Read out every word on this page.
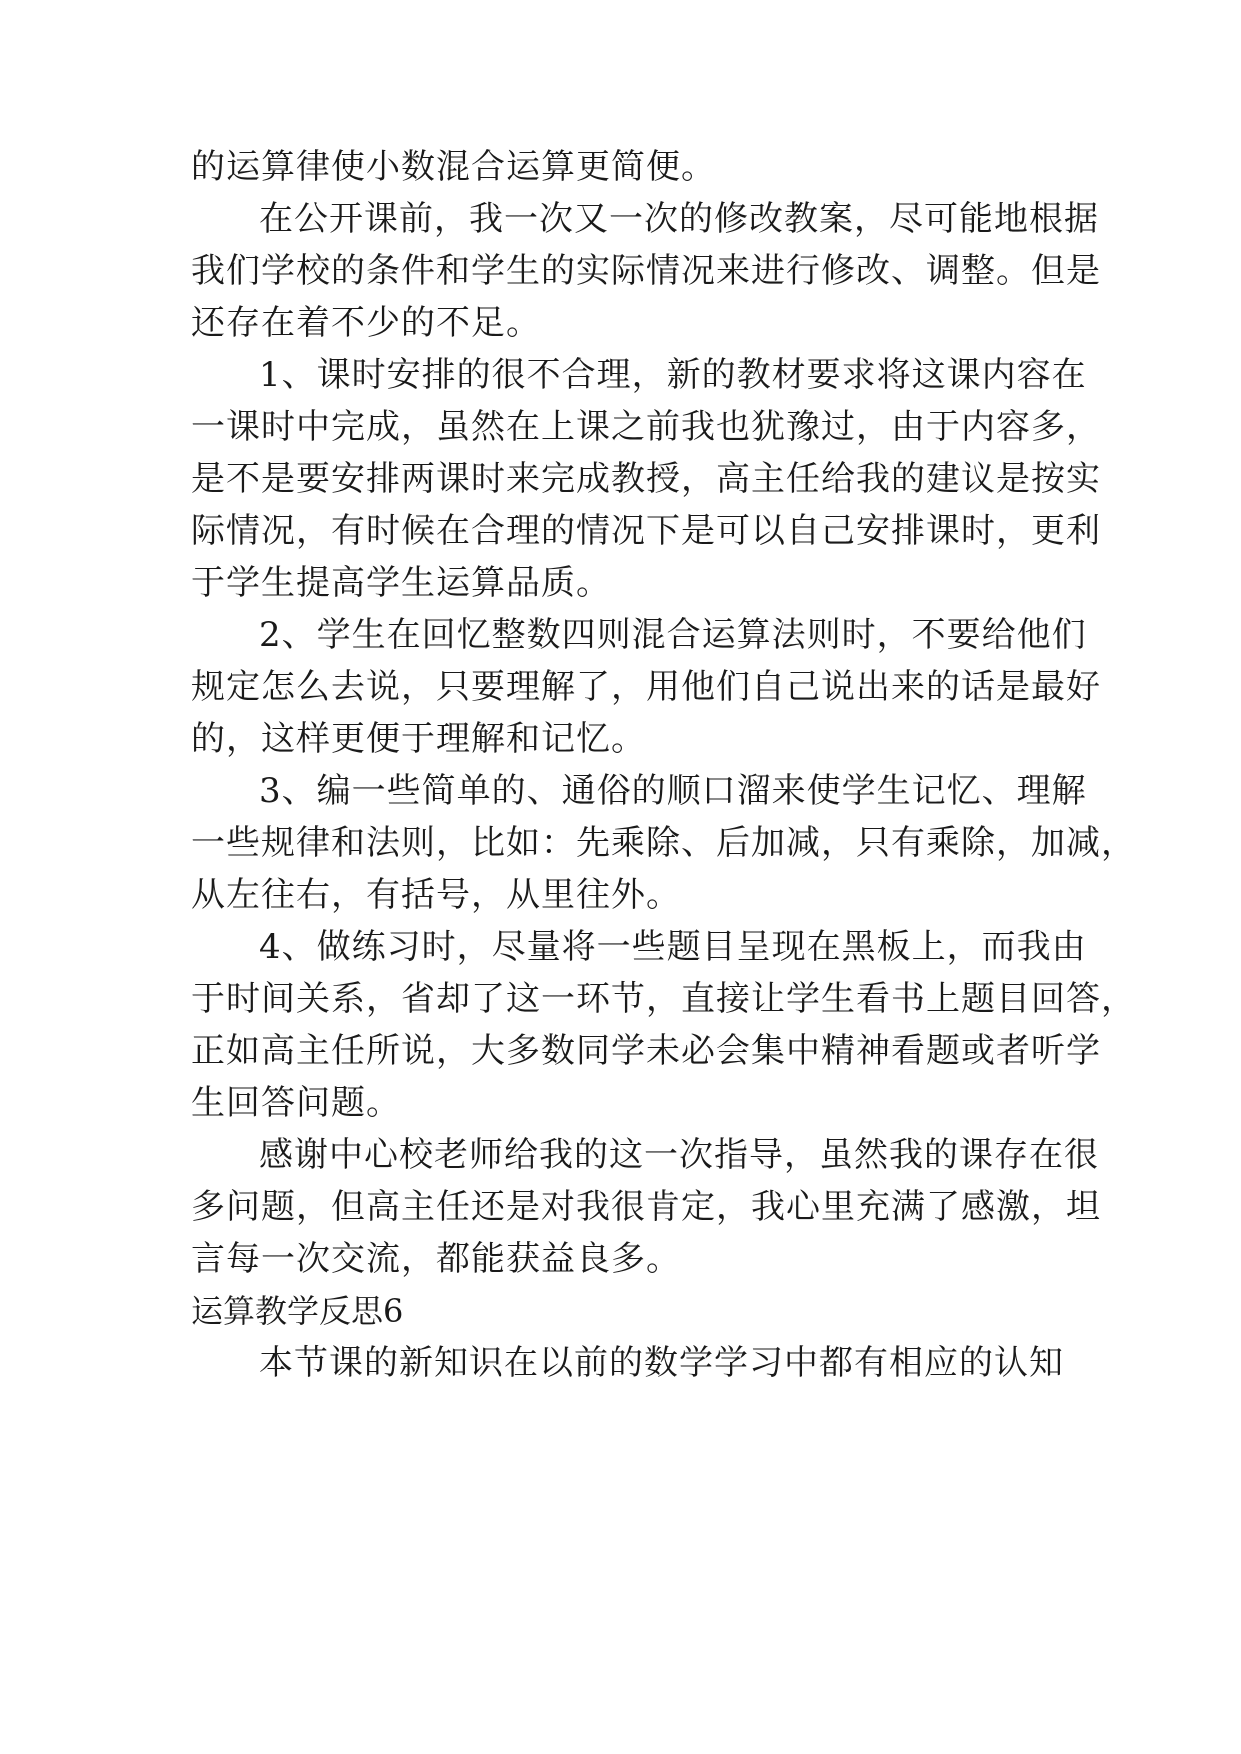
的运算律使小数混合运算更简便。
在公开课前，我一次又一次的修改教案，尽可能地根据
我们学校的条件和学生的实际情况来进行修改、调整。但是
还存在着不少的不足。
1、课时安排的很不合理，新的教材要求将这课内容在
一课时中完成，虽然在上课之前我也犹豫过，由于内容多，
是不是要安排两课时来完成教授，高主任给我的建议是按实
际情况，有时候在合理的情况下是可以自己安排课时，更利
于学生提高学生运算品质。
2、学生在回忆整数四则混合运算法则时，不要给他们
规定怎么去说，只要理解了，用他们自己说出来的话是最好
的，这样更便于理解和记忆。
3、编一些简单的、通俗的顺口溜来使学生记忆、理解
一些规律和法则，比如：先乘除、后加减，只有乘除，加减，
从左往右，有括号，从里往外。
4、做练习时，尽量将一些题目呈现在黑板上，而我由
于时间关系，省却了这一环节，直接让学生看书上题目回答，
正如高主任所说，大多数同学未必会集中精神看题或者听学
生回答问题。
感谢中心校老师给我的这一次指导，虽然我的课存在很
多问题，但高主任还是对我很肯定，我心里充满了感激，坦
言每一次交流，都能获益良多。
运算教学反思6
本节课的新知识在以前的数学学习中都有相应的认知
